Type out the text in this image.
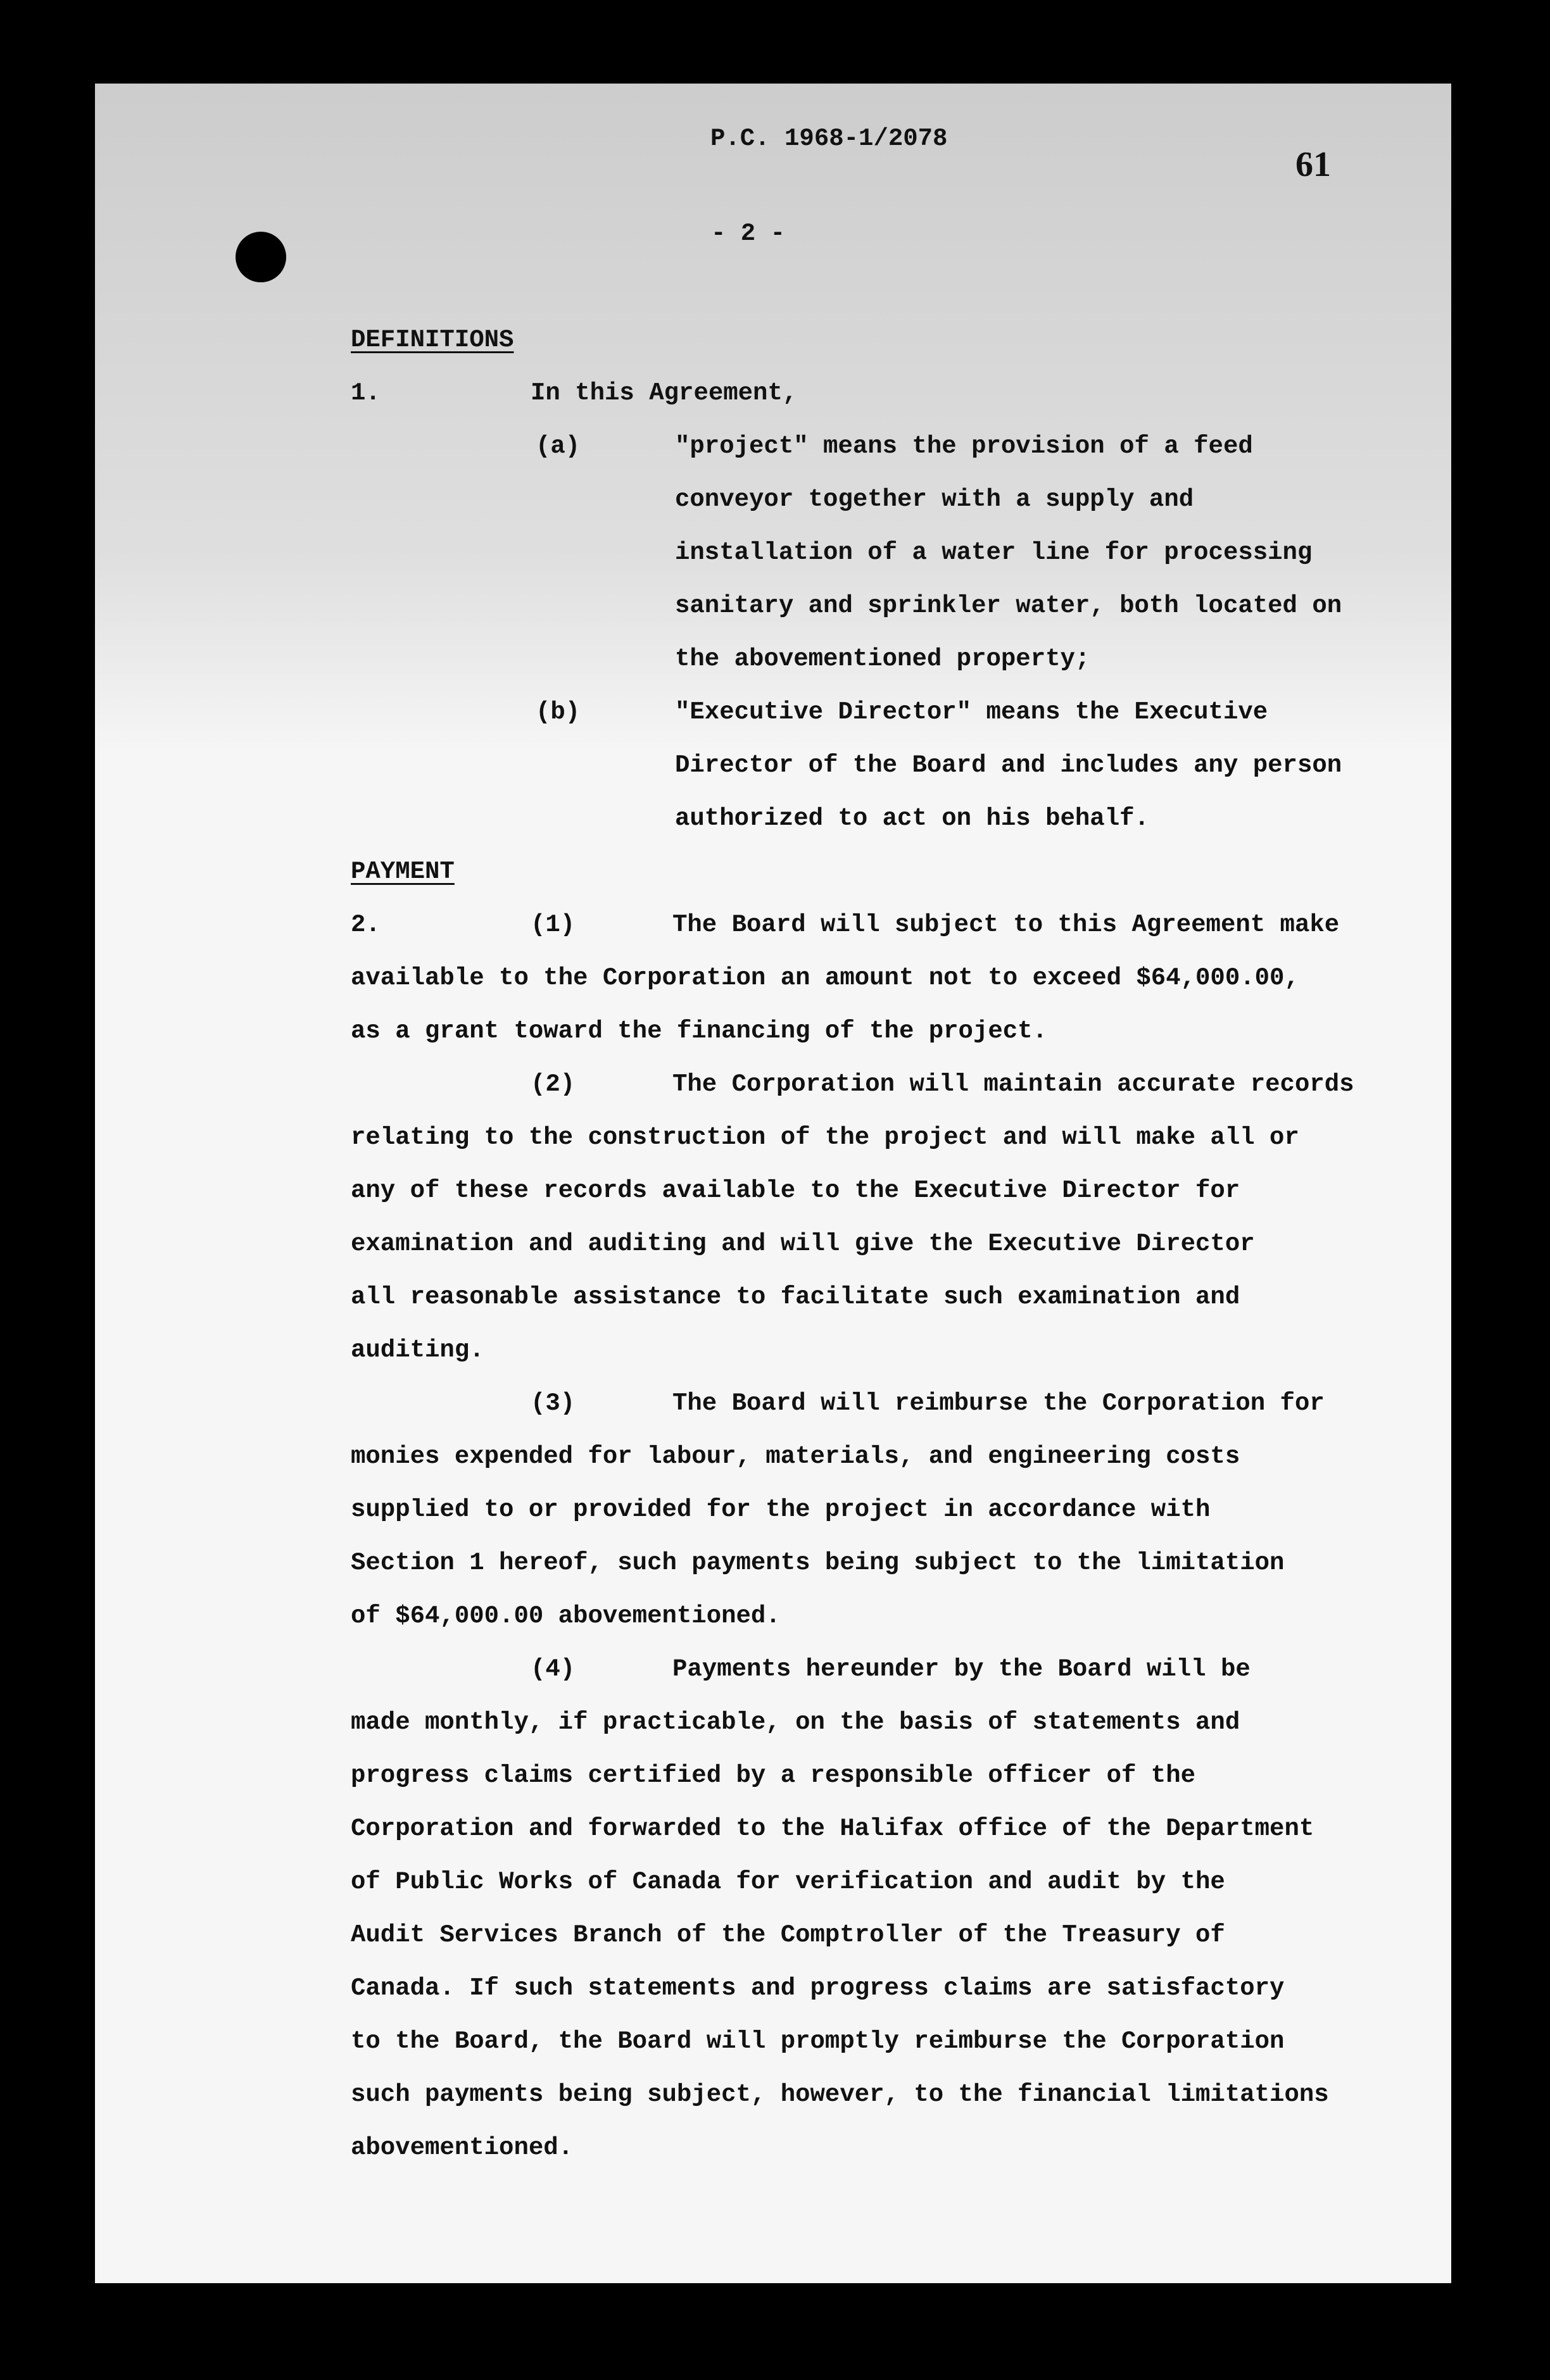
P.C. 1968-1/2078
- 2 -
61
DEFINITIONS
1.	In this Agreement,
(a)	"project" means the provision of a feed
conveyor together with a supply and
installation of a water line for processing
sanitary and sprinkler water, both located on
the abovementioned property;
(b)	"Executive Director" means the Executive
Director of the Board and includes any person
authorized to act on his behalf.
PAYMENT
2.	(1)	The Board will subject to this Agreement make
available to the Corporation an amount not to exceed $64,000.00,
as a grant toward the financing of the project.
(2)	The Corporation will maintain accurate records
relating to the construction of the project and will make all or
any of these records available to the Executive Director for
examination and auditing and will give the Executive Director
all reasonable assistance to facilitate such examination and
auditing.
(3)	The Board will reimburse the Corporation for
monies expended for labour, materials, and engineering costs
supplied to or provided for the project in accordance with
Section 1 hereof, such payments being subject to the limitation
of $64,000.00 abovementioned.
(4)	Payments hereunder by the Board will be
made monthly, if practicable, on the basis of statements and
progress claims certified by a responsible officer of the
Corporation and forwarded to the Halifax office of the Department
of Public Works of Canada for verification and audit by the
Audit Services Branch of the Comptroller of the Treasury of
Canada. If such statements and progress claims are satisfactory
to the Board, the Board will promptly reimburse the Corporation
such payments being subject, however, to the financial limitations
abovementioned.
